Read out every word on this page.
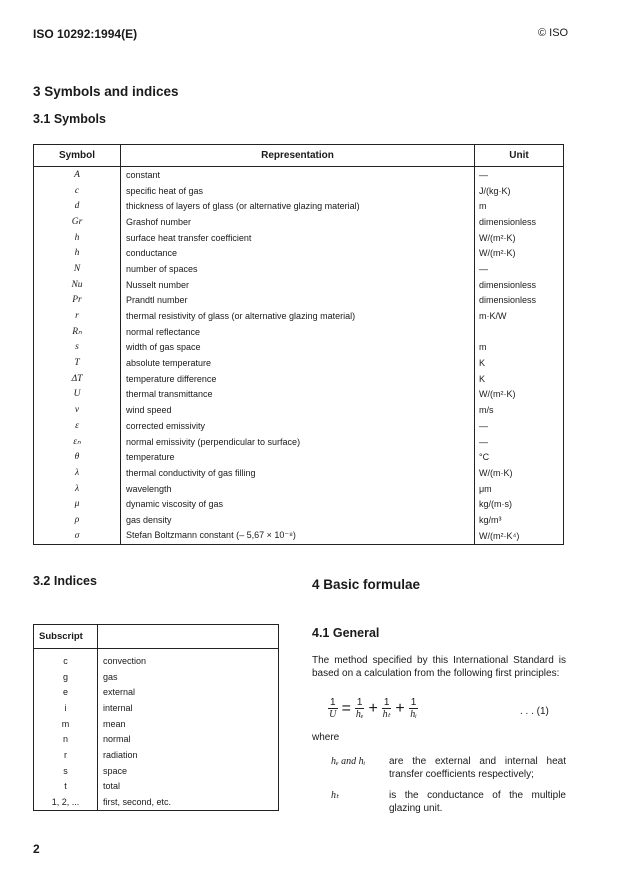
ISO 10292:1994(E)	© ISO
3 Symbols and indices
3.1 Symbols
Symbol	Representation	Unit
A	constant	—
c	specific heat of gas	J/(kg·K)
d	thickness of layers of glass (or alternative glazing material)	m
Gr	Grashof number	dimensionless
h	surface heat transfer coefficient	W/(m²·K)
h	conductance	W/(m²·K)
N	number of spaces	—
Nu	Nusselt number	dimensionless
Pr	Prandtl number	dimensionless
r	thermal resistivity of glass (or alternative glazing material)	m·K/W
Rₙ	normal reflectance	
s	width of gas space	m
T	absolute temperature	K
ΔT	temperature difference	K
U	thermal transmittance	W/(m²·K)
v	wind speed	m/s
ε	corrected emissivity	—
εₙ	normal emissivity (perpendicular to surface)	—
θ	temperature	°C
λ	thermal conductivity of gas filling	W/(m·K)
λ	wavelength	μm
μ	dynamic viscosity of gas	kg/(m·s)
ρ	gas density	kg/m³
σ	Stefan Boltzmann constant (– 5,67 × 10⁻⁸)	W/(m²·K⁴)
3.2 Indices
Subscript	
c	convection
g	gas
e	external
i	internal
m	mean
n	normal
r	radiation
s	space
t	total
1, 2, ...	first, second, etc.
4 Basic formulae
4.1 General
The method specified by this International Standard is based on a calculation from the following first principles:
$\frac{1}{U} = \frac{1}{\text{hₑ}} + \frac{1}{\text{hₜ}} + \frac{1}{\text{hᵢ}}$	. . . (1)
where
hₑ and hᵢ are the external and internal heat transfer coefficients respectively;
hₜ	is the conductance of the multiple glazing unit.
2
